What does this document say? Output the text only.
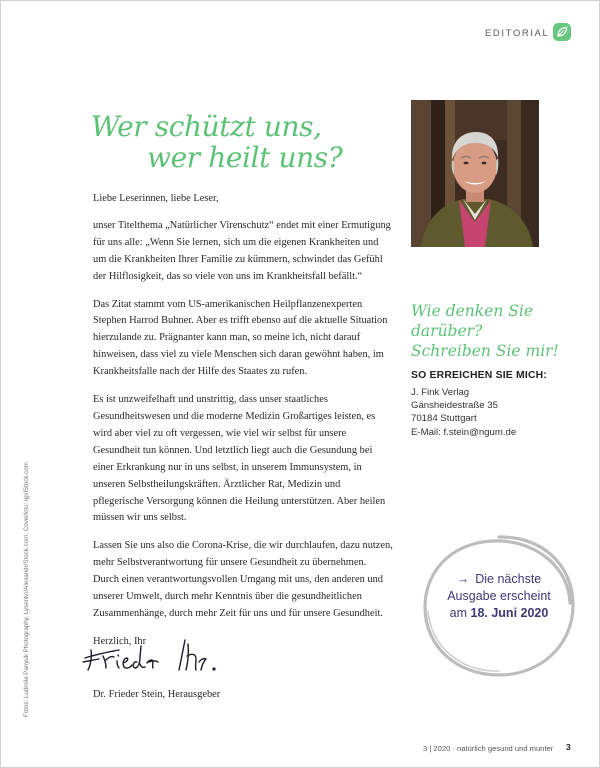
EDITORIAL
Wer schützt uns,

wer heilt uns?

Liebe Leserinnen, liebe Leser,

unser Titelthema „Natürlicher Virenschutz“ endet mit einer Ermutigung für uns alle: „Wenn Sie lernen, sich um die eigenen Krankheiten und um die Krankheiten Ihrer Familie zu kümmern, schwindet das Gefühl der Hilflosigkeit, das so viele von uns im Krankheitsfall befällt.“

Das Zitat stammt vom US-amerikanischen Heilpflanzenexperten Stephen Harrod Buhner. Aber es trifft ebenso auf die aktuelle Situation hierzulande zu. Prägnanter kann man, so meine ich, nicht darauf hinweisen, dass viel zu viele Menschen sich daran gewöhnt haben, im Krankheitsfalle nach der Hilfe des Staates zu rufen.

Es ist unzweifelhaft und unstrittig, dass unser staatliches Gesundheitswesen und die moderne Medizin Großartiges leisten, es wird aber viel zu oft vergessen, wie viel wir selbst für unsere Gesundheit tun können. Und letztlich liegt auch die Gesundung bei einer Erkrankung nur in uns selbst, in unserem Immunsystem, in unseren Selbstheilungskräften. Ärztlicher Rat, Medizin und pflegerische Versorgung können die Heilung unterstützen. Aber heilen müssen wir uns selbst.

Lassen Sie uns also die Corona-Krise, die wir durchlaufen, dazu nutzen, mehr Selbstverantwortung für unsere Gesundheit zu übernehmen. Durch einen verantwortungsvollen Umgang mit uns, den anderen und unserer Umwelt, durch mehr Kenntnis über die gesundheitlichen Zusammenhänge, durch mehr Zeit für uns und für unsere Gesundheit.

Herzlich, Ihr

Dr. Frieder Stein, Herausgeber
Wie denken Sie
darüber?
Schreiben Sie mir!
SO ERREICHEN SIE MICH:
J. Fink Verlag
Gänsheidestraße 35
70184 Stuttgart
E-Mail: f.stein@ngum.de
→ Die nächste
Ausgabe erscheint
am 18. Juni 2020
Fotos: Ludmila Panyuk Photography, Lysenko/Alexandr/Stock.com; Coverfoto: rjp/iStock.com
3 | 2020 · natürlich gesund und munter 3
